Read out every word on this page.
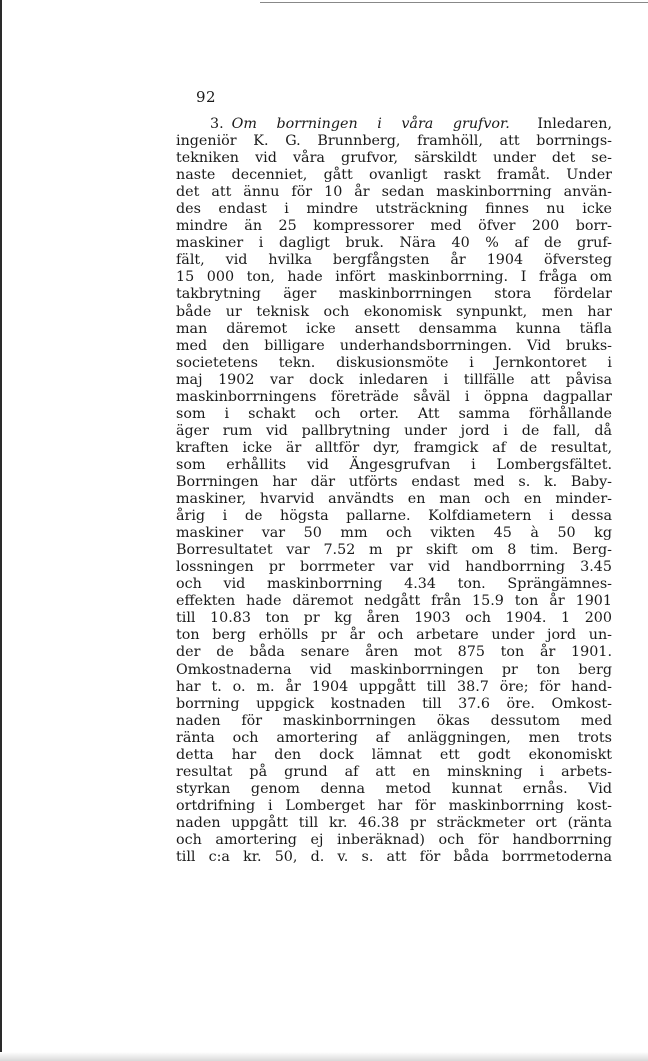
92
3. Om borrningen i våra grufvor. Inledaren,
ingeniör K. G. Brunnberg, framhöll, att borrnings-
tekniken vid våra grufvor, särskildt under det se-
naste decenniet, gått ovanligt raskt framåt. Under
det att ännu för 10 år sedan maskinborrning använ-
des endast i mindre utsträckning finnes nu icke
mindre än 25 kompressorer med öfver 200 borr-
maskiner i dagligt bruk. Nära 40 % af de gruf-
fält, vid hvilka bergfångsten år 1904 öfversteg
15 000 ton, hade infört maskinborrning. I fråga om
takbrytning äger maskinborrningen stora fördelar
både ur teknisk och ekonomisk synpunkt, men har
man däremot icke ansett densamma kunna täfla
med den billigare underhandsborrningen. Vid bruks-
societetens tekn. diskusionsmöte i Jernkontoret i
maj 1902 var dock inledaren i tillfälle att påvisa
maskinborrningens företräde såväl i öppna dagpallar
som i schakt och orter. Att samma förhållande
äger rum vid pallbrytning under jord i de fall, då
kraften icke är alltför dyr, framgick af de resultat,
som erhållits vid Ängesgrufvan i Lombergsfältet.
Borrningen har där utförts endast med s. k. Baby-
maskiner, hvarvid användts en man och en minder-
årig i de högsta pallarne. Kolfdiametern i dessa
maskiner var 50 mm och vikten 45 à 50 kg
Borresultatet var 7.52 m pr skift om 8 tim. Berg-
lossningen pr borrmeter var vid handborrning 3.45
och vid maskinborrning 4.34 ton. Sprängämnes-
effekten hade däremot nedgått från 15.9 ton år 1901
till 10.83 ton pr kg åren 1903 och 1904. 1 200
ton berg erhölls pr år och arbetare under jord un-
der de båda senare åren mot 875 ton år 1901.
Omkostnaderna vid maskinborrningen pr ton berg
har t. o. m. år 1904 uppgått till 38.7 öre; för hand-
borrning uppgick kostnaden till 37.6 öre. Omkost-
naden för maskinborrningen ökas dessutom med
ränta och amortering af anläggningen, men trots
detta har den dock lämnat ett godt ekonomiskt
resultat på grund af att en minskning i arbets-
styrkan genom denna metod kunnat ernås. Vid
ortdrifning i Lomberget har för maskinborrning kost-
naden uppgått till kr. 46.38 pr sträckmeter ort (ränta
och amortering ej inberäknad) och för handborrning
till c:a kr. 50, d. v. s. att för båda borrmetoderna
